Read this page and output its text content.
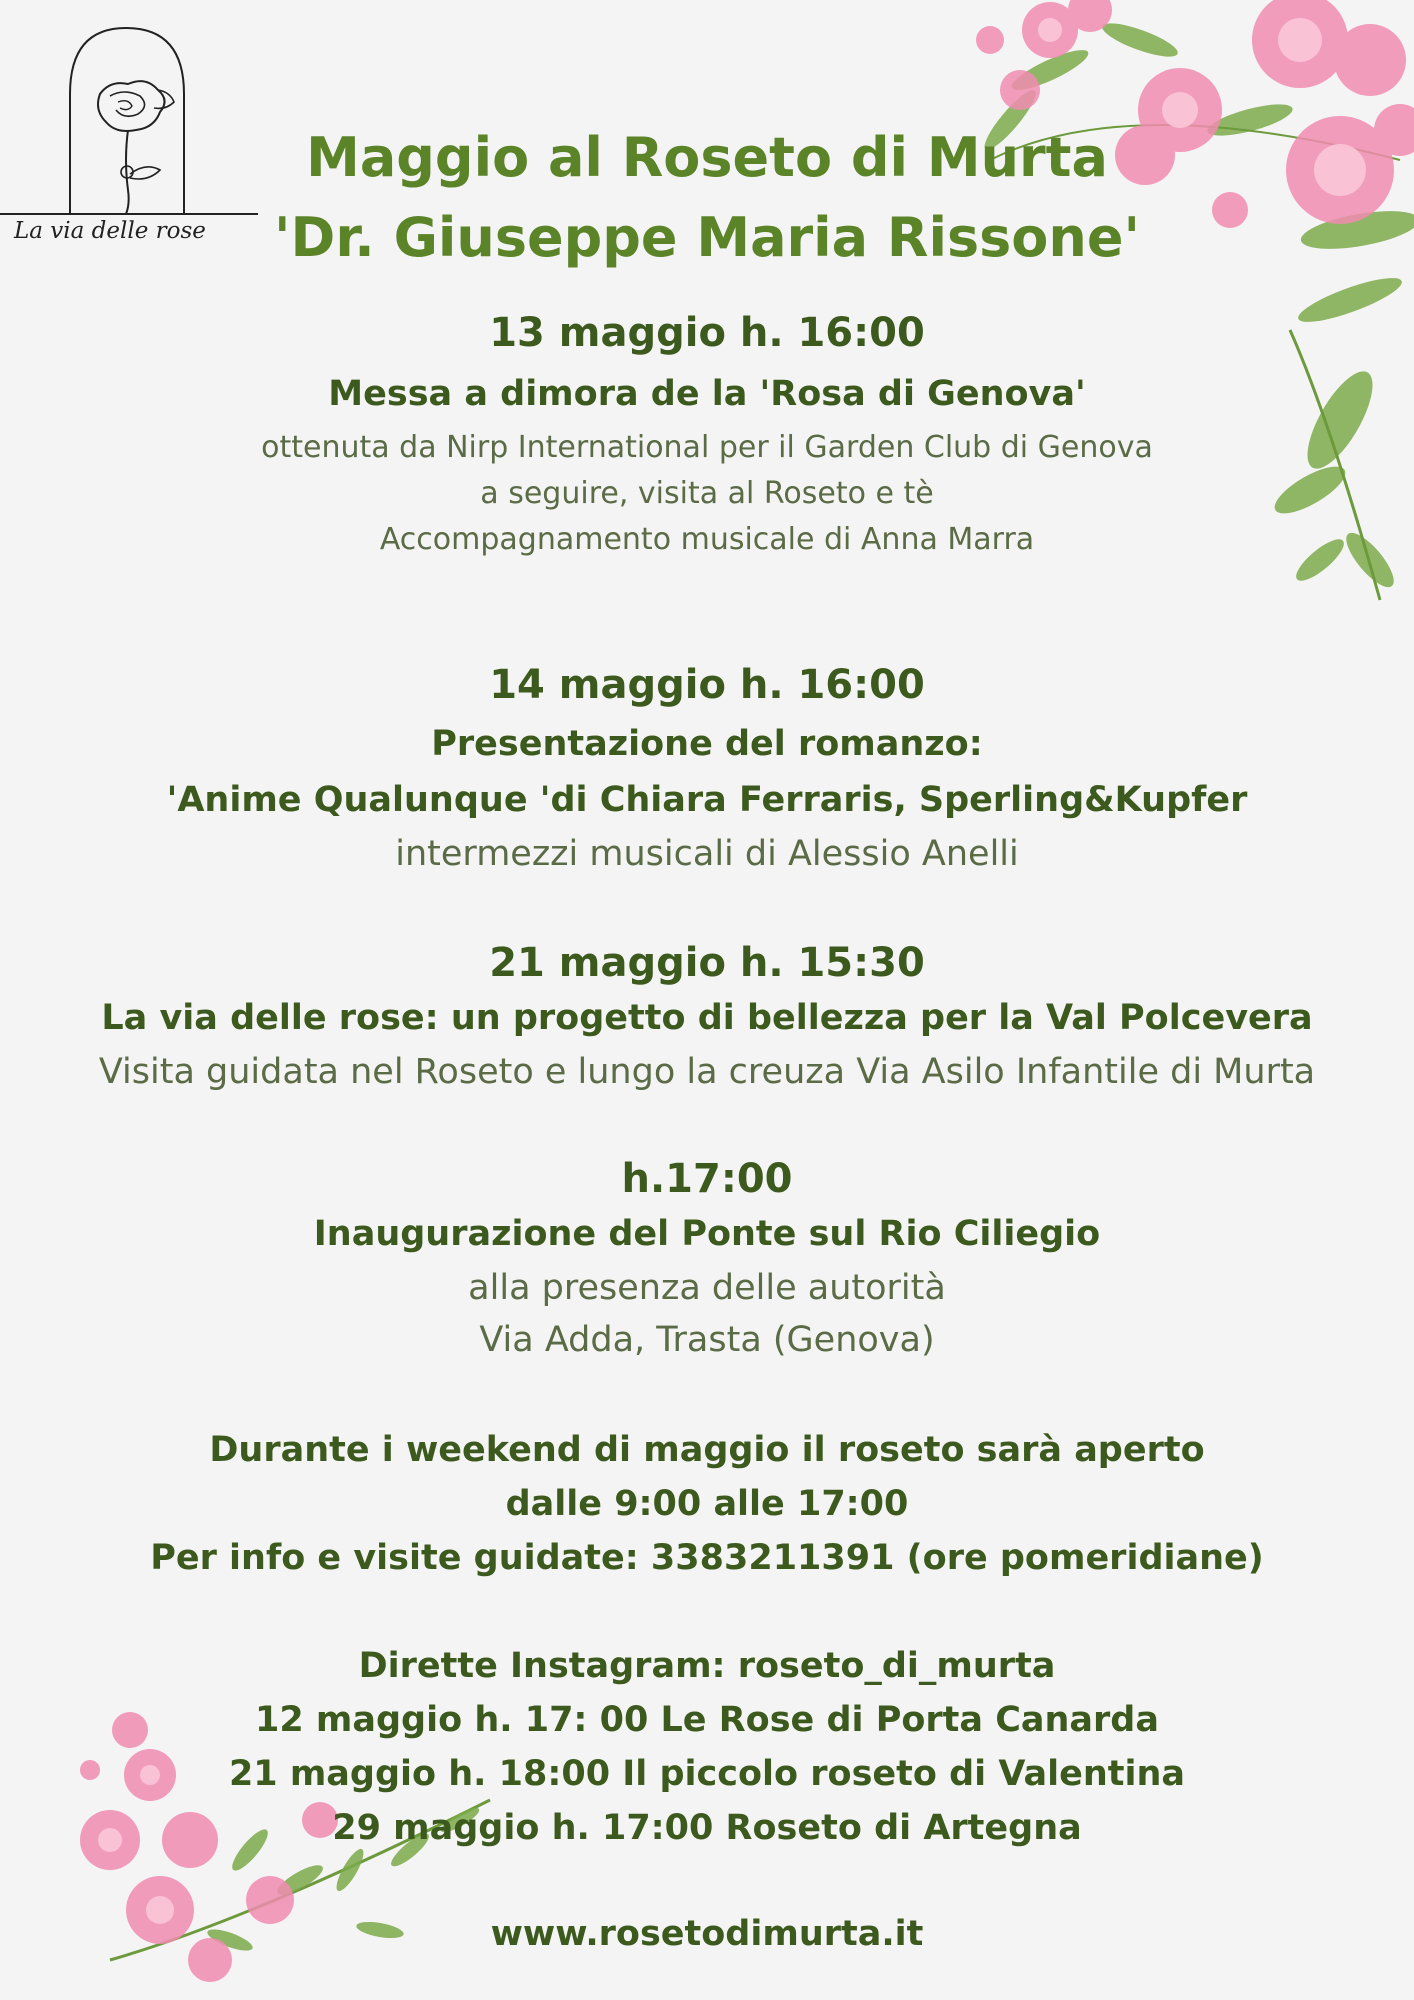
La via delle rose
Maggio al Roseto di Murta
'Dr. Giuseppe Maria Rissone'
13 maggio h. 16:00
Messa a dimora de la 'Rosa di Genova'
ottenuta da Nirp International per il Garden Club di Genova
a seguire, visita al Roseto e tè
Accompagnamento musicale di Anna Marra
14 maggio h. 16:00
Presentazione del romanzo:
'Anime Qualunque 'di Chiara Ferraris, Sperling&Kupfer
intermezzi musicali di Alessio Anelli
21 maggio h. 15:30
La via delle rose: un progetto di bellezza per la Val Polcevera
Visita guidata nel Roseto e lungo la creuza Via Asilo Infantile di Murta
h.17:00
Inaugurazione del Ponte sul Rio Ciliegio
alla presenza delle autorità
Via Adda, Trasta (Genova)
Durante i weekend di maggio il roseto sarà aperto
dalle 9:00 alle 17:00
Per info e visite guidate: 3383211391 (ore pomeridiane)
Dirette Instagram: roseto_di_murta
12 maggio h. 17: 00 Le Rose di Porta Canarda
21 maggio h. 18:00 Il piccolo roseto di Valentina
29 maggio h. 17:00 Roseto di Artegna
www.rosetodimurta.it
